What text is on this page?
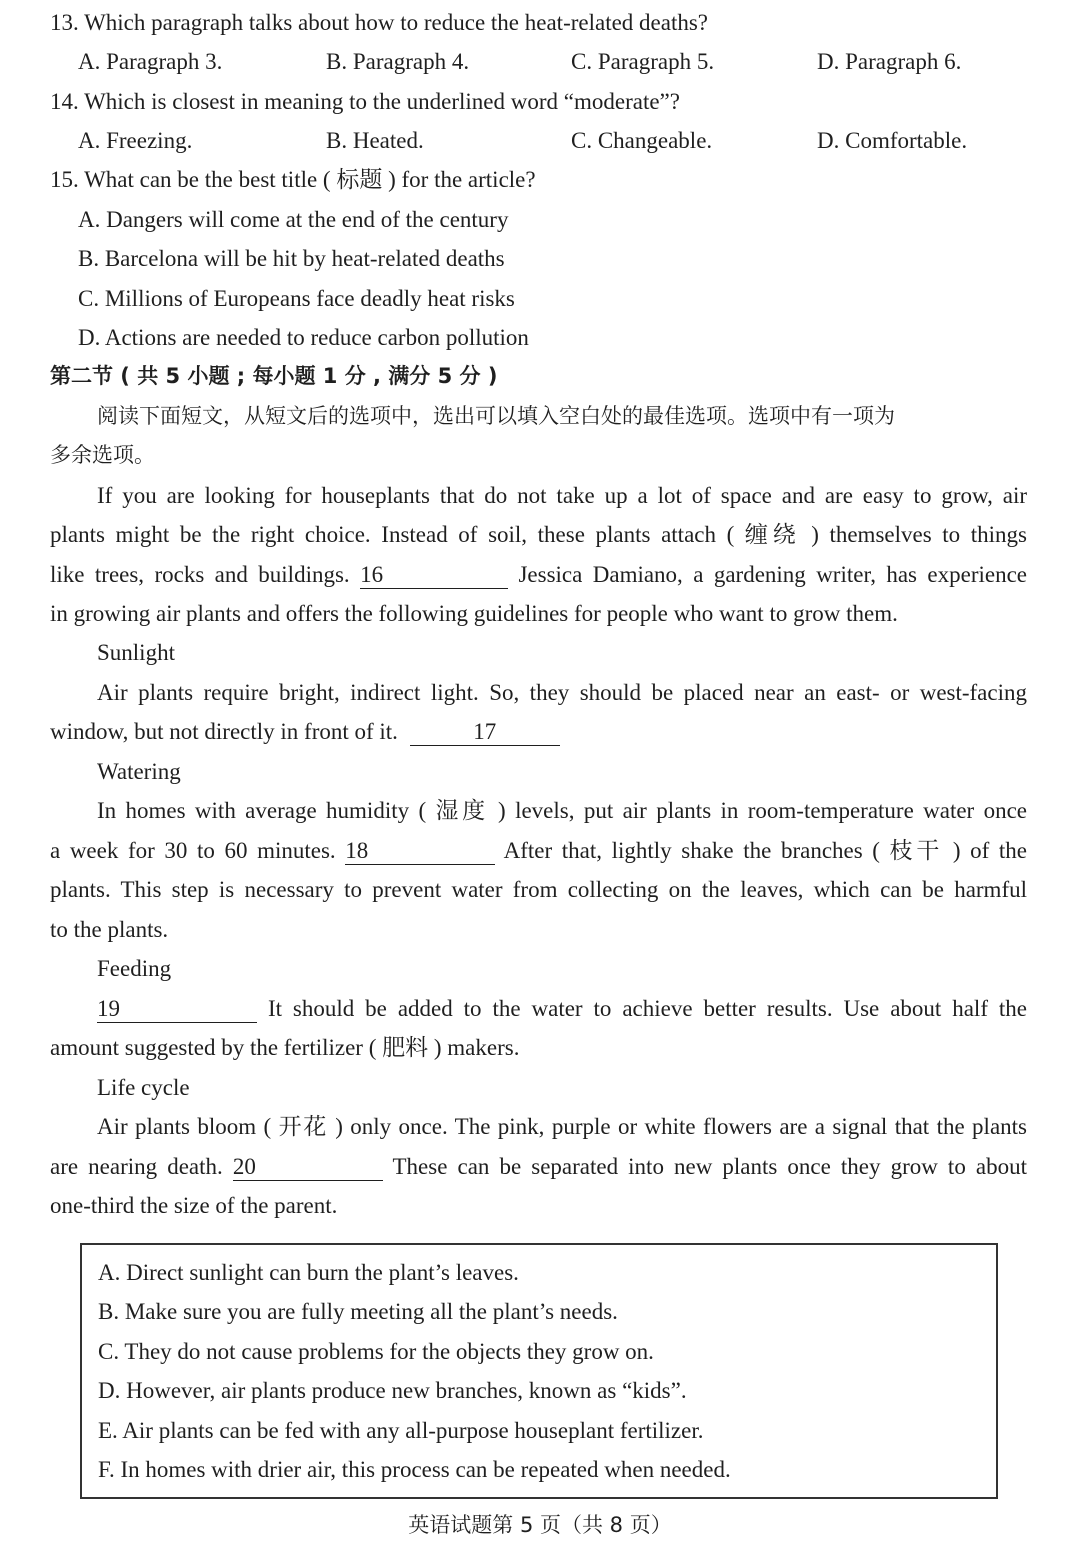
13. Which paragraph talks about how to reduce the heat-related deaths?
A. Paragraph 3.	B. Paragraph 4.	C. Paragraph 5.	D. Paragraph 6.
14. Which is closest in meaning to the underlined word “moderate”?
A. Freezing.	B. Heated.	C. Changeable.	D. Comfortable.
15. What can be the best title ( 标题 ) for the article?
A. Dangers will come at the end of the century
B. Barcelona will be hit by heat-related deaths
C. Millions of Europeans face deadly heat risks
D. Actions are needed to reduce carbon pollution
第二节 ( 共 5 小题 ; 每小题 1 分 , 满分 5 分 )
阅读下面短文，从短文后的选项中，选出可以填入空白处的最佳选项。选项中有一项为
多余选项。
If you are looking for houseplants that do not take up a lot of space and are easy to grow, air
plants might be the right choice. Instead of soil, these plants attach ( 缠绕 ) themselves to things
like trees, rocks and buildings. 16	Jessica Damiano, a gardening writer, has experience
in growing air plants and offers the following guidelines for people who want to grow them.
Sunlight
Air plants require bright, indirect light. So, they should be placed near an east- or west-facing
window, but not directly in front of it.	17
Watering
In homes with average humidity ( 湿度 ) levels, put air plants in room-temperature water once
a week for 30 to 60 minutes. 18	After that, lightly shake the branches ( 枝干 ) of the
plants. This step is necessary to prevent water from collecting on the leaves, which can be harmful
to the plants.
Feeding
19	It should be added to the water to achieve better results. Use about half the
amount suggested by the fertilizer ( 肥料 ) makers.
Life cycle
Air plants bloom ( 开花 ) only once. The pink, purple or white flowers are a signal that the plants
are nearing death. 20	These can be separated into new plants once they grow to about
one-third the size of the parent.
A. Direct sunlight can burn the plant’s leaves.
B. Make sure you are fully meeting all the plant’s needs.
C. They do not cause problems for the objects they grow on.
D. However, air plants produce new branches, known as “kids”.
E. Air plants can be fed with any all-purpose houseplant fertilizer.
F. In homes with drier air, this process can be repeated when needed.
英语试题第 5 页（共 8 页）
